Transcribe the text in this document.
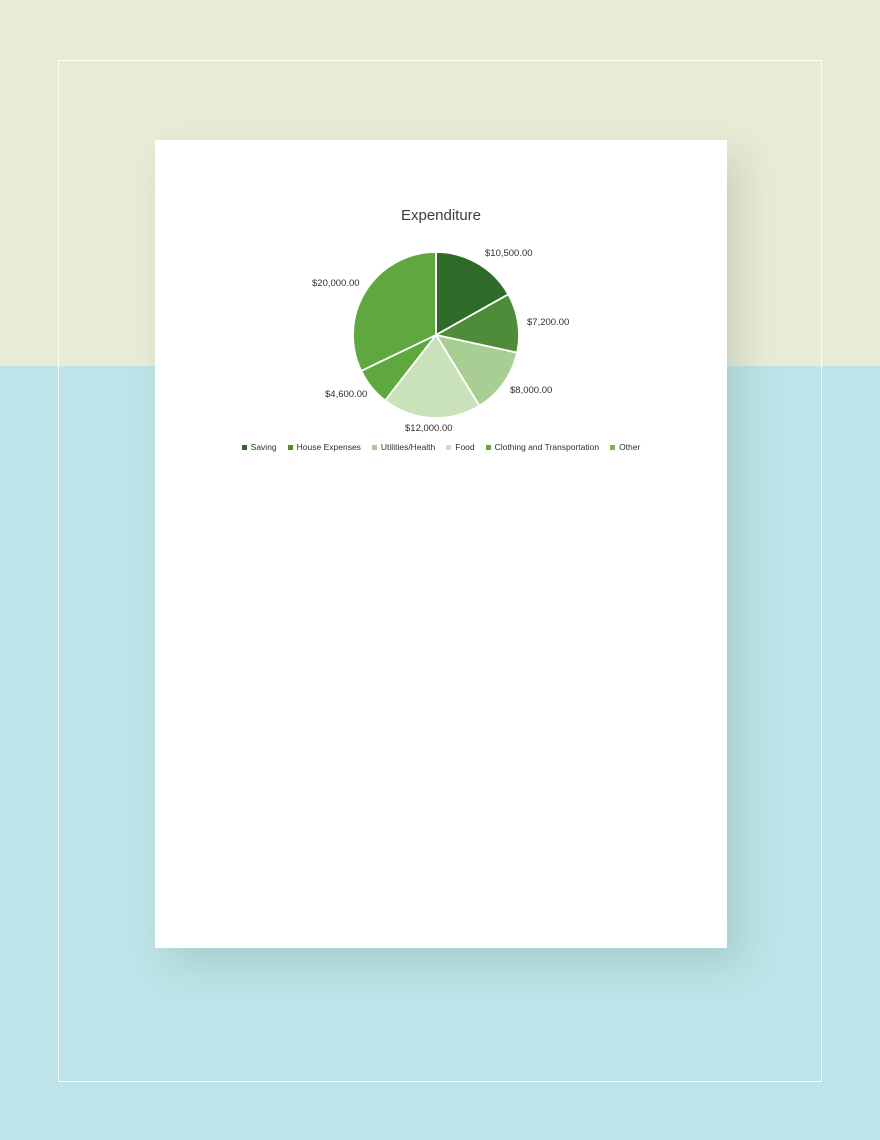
Expenditure
$10,500.00
$7,200.00
$8,000.00
$12,000.00
$4,600.00
$20,000.00
Saving House Expenses Utilities/Health Food Clothing and Transportation Other
